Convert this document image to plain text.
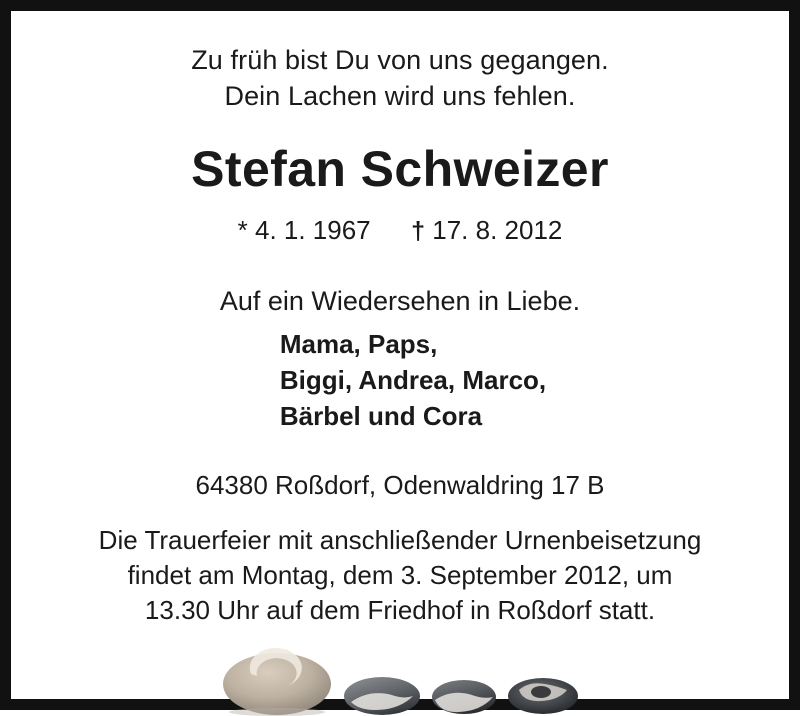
Zu früh bist Du von uns gegangen.
Dein Lachen wird uns fehlen.
Stefan Schweizer
* 4. 1. 1967 † 17. 8. 2012
Auf ein Wiedersehen in Liebe.
Mama, Paps,
Biggi, Andrea, Marco,
Bärbel und Cora
64380 Roßdorf, Odenwaldring 17 B
Die Trauerfeier mit anschließender Urnenbeisetzung
findet am Montag, dem 3. September 2012, um
13.30 Uhr auf dem Friedhof in Roßdorf statt.
